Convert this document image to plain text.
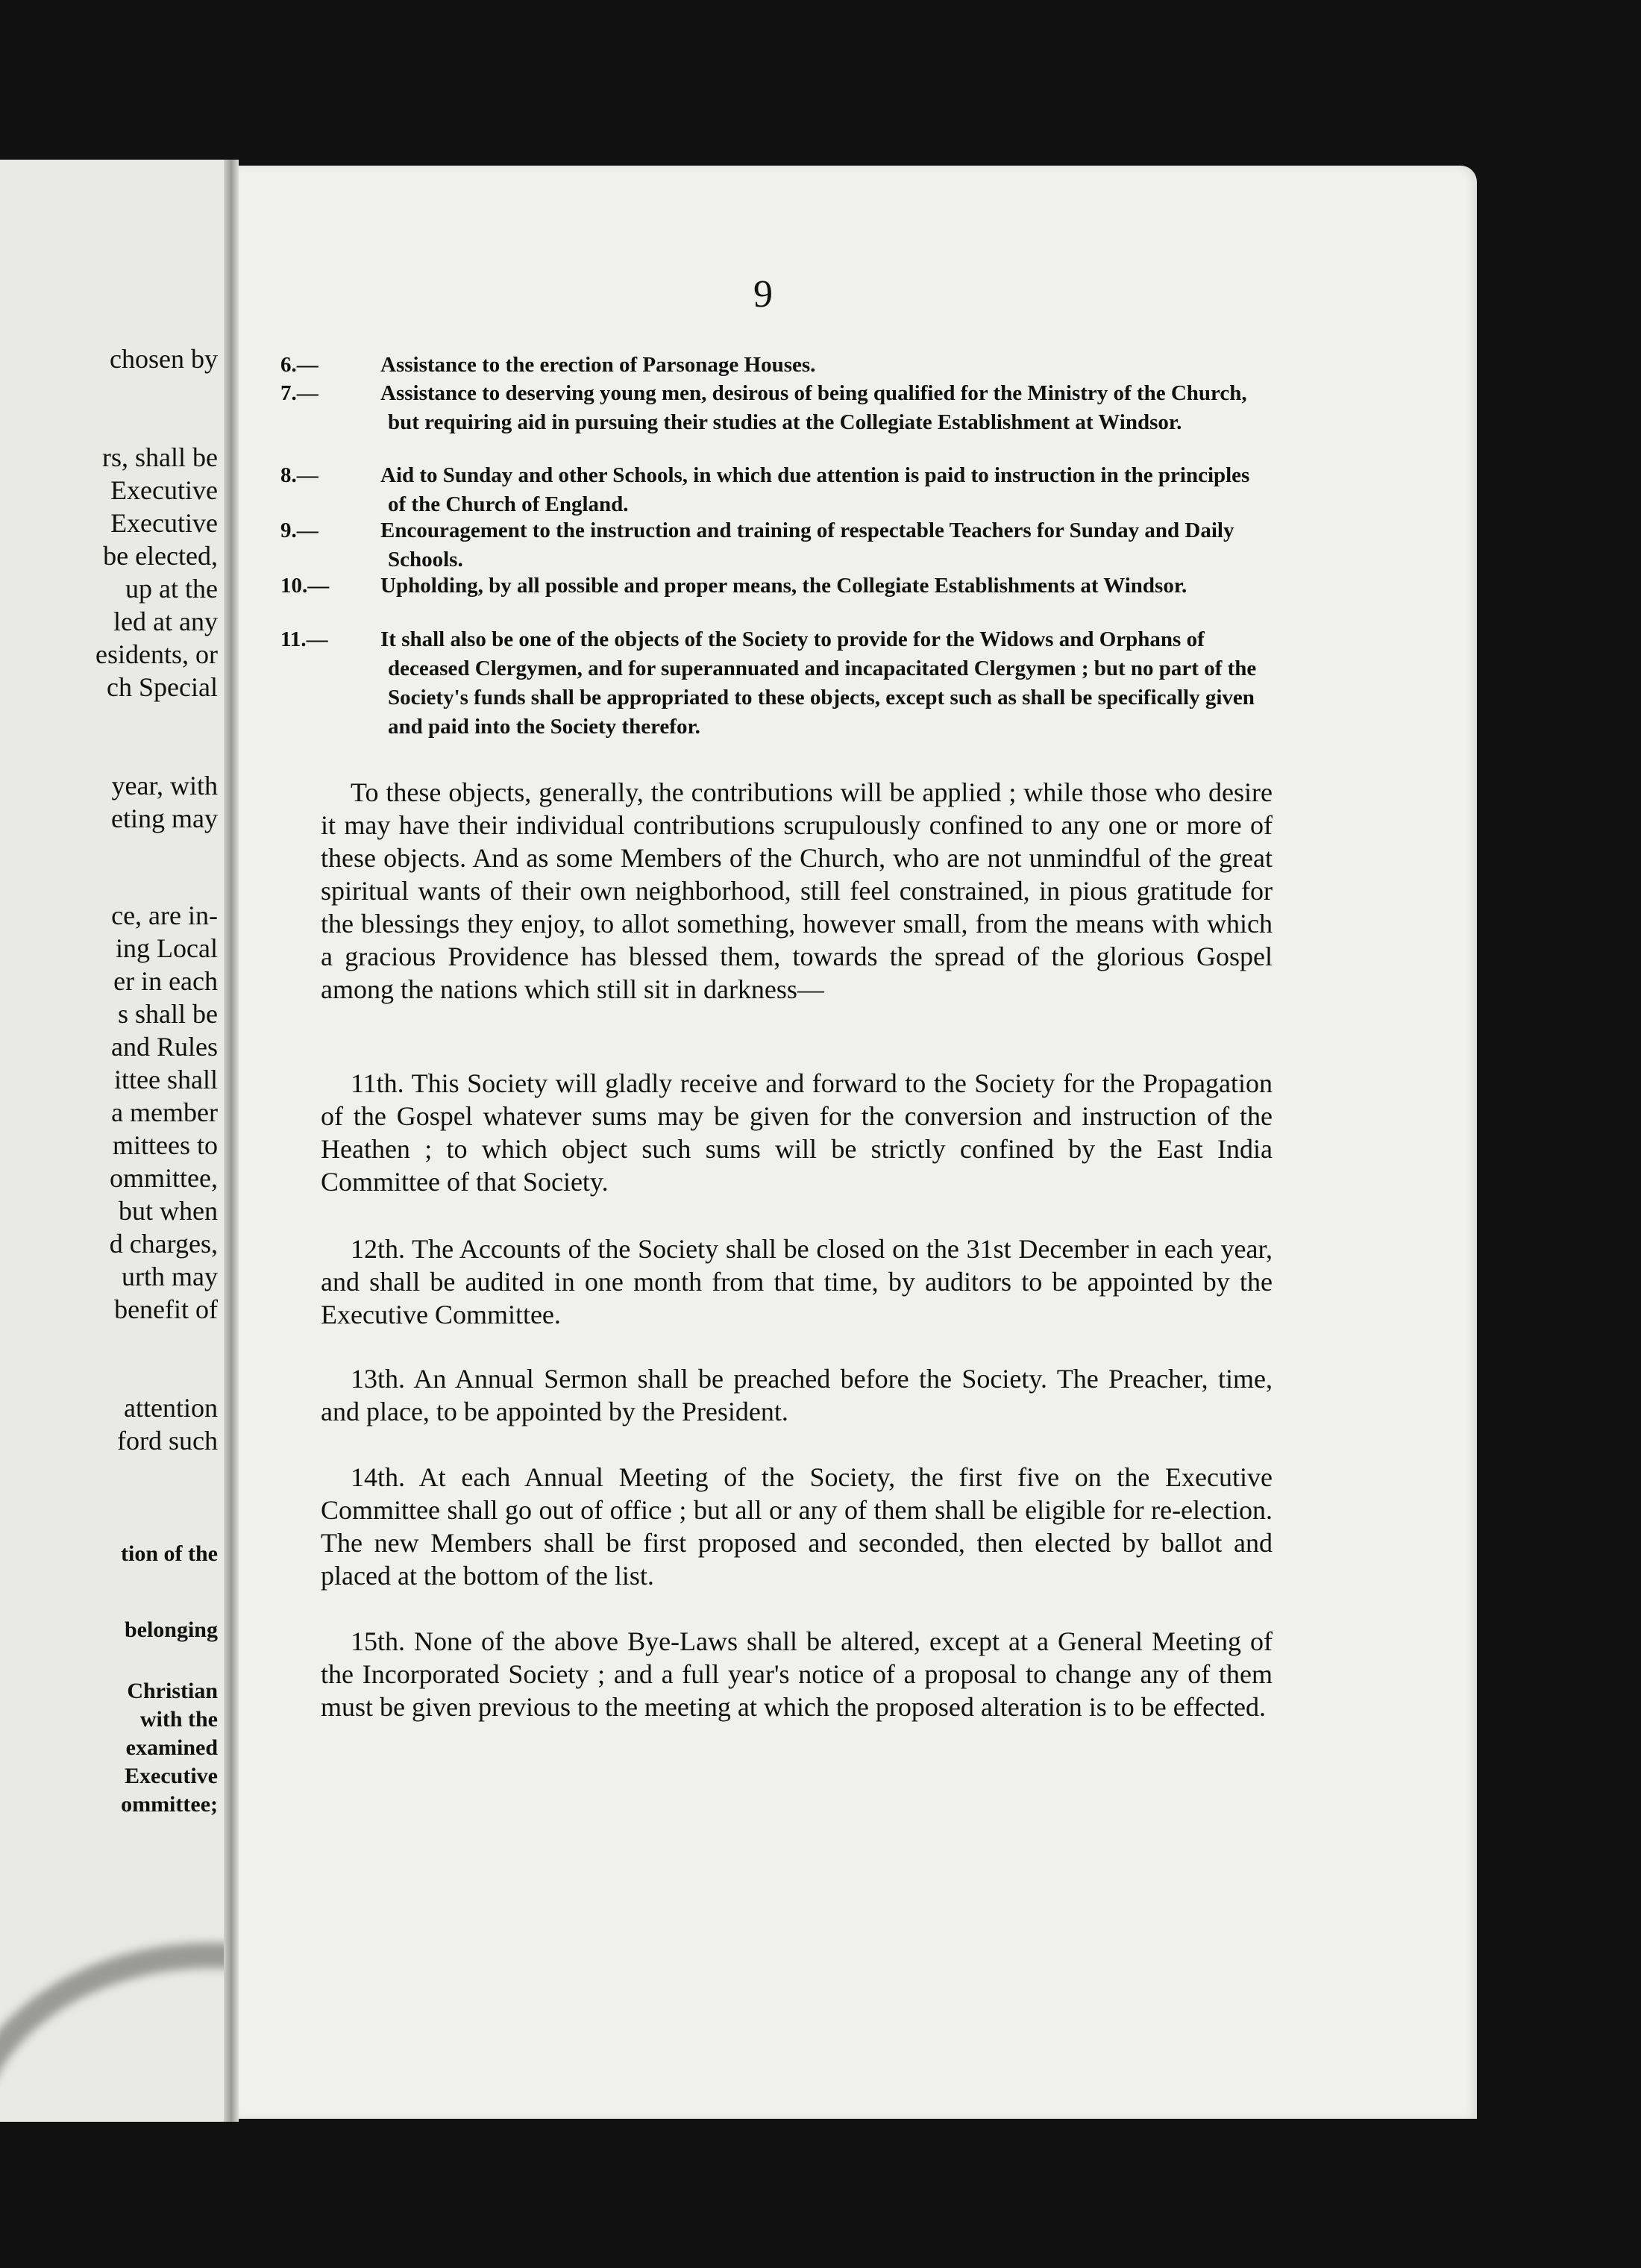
chosen by
rs, shall be
Executive
Executive
be elected,
up at the
led at any
esidents, or
ch Special
year, with
eting may
ce, are in-
ing Local
er in each
s shall be
and Rules
ittee shall
a member
mittees to
ommittee,
but when
d charges,
urth may
benefit of
attention
ford such
tion of the
belonging
Christian
with the
examined
Executive
ommittee;
9
6.—	Assistance to the erection of Parsonage Houses.
7.—	Assistance to deserving young men, desirous of being qualified for the Ministry of the Church, but requiring aid in pursuing their studies at the Collegiate Establishment at Windsor.
8.—	Aid to Sunday and other Schools, in which due attention is paid to instruction in the principles of the Church of England.
9.—	Encouragement to the instruction and training of respectable Teachers for Sunday and Daily Schools.
10.— Upholding, by all possible and proper means, the Collegiate Establishments at Windsor.
11.— It shall also be one of the objects of the Society to provide for the Widows and Orphans of deceased Clergymen, and for superannuated and incapacitated Clergymen ; but no part of the Society's funds shall be appropriated to these objects, except such as shall be specifically given and paid into the Society therefor.
To these objects, generally, the contributions will be applied ; while those who desire it may have their individual contributions scrupulously confined to any one or more of these objects. And as some Members of the Church, who are not unmindful of the great spiritual wants of their own neighborhood, still feel constrained, in pious gratitude for the blessings they enjoy, to allot something, however small, from the means with which a gracious Providence has blessed them, towards the spread of the glorious Gospel among the nations which still sit in darkness—
11th. This Society will gladly receive and forward to the Society for the Propagation of the Gospel whatever sums may be given for the conversion and instruction of the Heathen ; to which object such sums will be strictly confined by the East India Committee of that Society.
12th. The Accounts of the Society shall be closed on the 31st December in each year, and shall be audited in one month from that time, by auditors to be appointed by the Executive Committee.
13th. An Annual Sermon shall be preached before the Society. The Preacher, time, and place, to be appointed by the President.
14th. At each Annual Meeting of the Society, the first five on the Executive Committee shall go out of office ; but all or any of them shall be eligible for re-election. The new Members shall be first proposed and seconded, then elected by ballot and placed at the bottom of the list.
15th. None of the above Bye-Laws shall be altered, except at a General Meeting of the Incorporated Society ; and a full year's notice of a proposal to change any of them must be given previous to the meeting at which the proposed alteration is to be effected.
